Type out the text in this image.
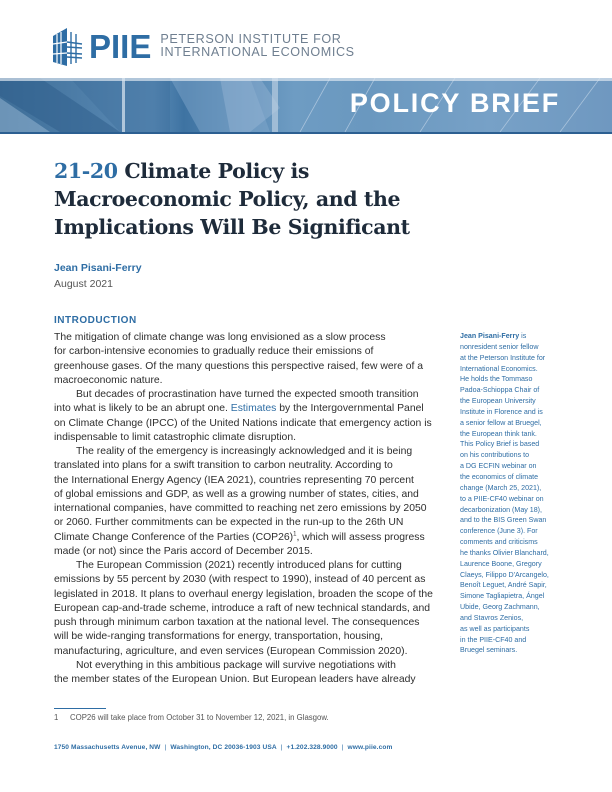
PIIE PETERSON INSTITUTE FOR
INTERNATIONAL ECONOMICS
POLICY BRIEF
21-20 Climate Policy is
Macroeconomic Policy, and the
Implications Will Be Significant
Jean Pisani-Ferry
August 2021
INTRODUCTION
The mitigation of climate change was long envisioned as a slow process
for carbon-intensive economies to gradually reduce their emissions of
greenhouse gases. Of the many questions this perspective raised, few were of a
macroeconomic nature.
But decades of procrastination have turned the expected smooth transition
into what is likely to be an abrupt one. Estimates by the Intergovernmental Panel
on Climate Change (IPCC) of the United Nations indicate that emergency action is
indispensable to limit catastrophic climate disruption.
The reality of the emergency is increasingly acknowledged and it is being
translated into plans for a swift transition to carbon neutrality. According to
the International Energy Agency (IEA 2021), countries representing 70 percent
of global emissions and GDP, as well as a growing number of states, cities, and
international companies, have committed to reaching net zero emissions by 2050
or 2060. Further commitments can be expected in the run-up to the 26th UN
Climate Change Conference of the Parties $(COP26)^1$, which will assess progress
made (or not) since the Paris accord of December 2015.
The European Commission (2021) recently introduced plans for cutting
emissions by 55 percent by 2030 (with respect to 1990), instead of 40 percent as
legislated in 2018. It plans to overhaul energy legislation, broaden the scope of the
European cap-and-trade scheme, introduce a raft of new technical standards, and
push through minimum carbon taxation at the national level. The consequences
will be wide-ranging transformations for energy, transportation, housing,
manufacturing, agriculture, and even services (European Commission 2020).
Not everything in this ambitious package will survive negotiations with
the member states of the European Union. But European leaders have already
Jean Pisani-Ferry is
nonresident senior fellow
at the Peterson Institute for
International Economics.
He holds the Tommaso
Padoa-Schioppa Chair of
the European University
Institute in Florence and is
a senior fellow at Bruegel,
the European think tank.
This Policy Brief is based
on his contributions to
a DG ECFIN webinar on
the economics of climate
change (March 25, 2021),
to a PIIE-CF40 webinar on
decarbonization (May 18),
and to the BIS Green Swan
conference (June 3). For
comments and criticisms
he thanks Olivier Blanchard,
Laurence Boone, Gregory
Claeys, Filippo D'Arcangelo,
Benoît Leguet, André Sapir,
Simone Tagliapietra, Ángel
Ubide, Georg Zachmann,
and Stavros Zenios,
as well as participants
in the PIIE-CF40 and
Bruegel seminars.
1 COP26 will take place from October 31 to November 12, 2021, in Glasgow.
1750 Massachusetts Avenue, NW | Washington, DC 20036-1903 USA | +1.202.328.9000 | www.piie.com
